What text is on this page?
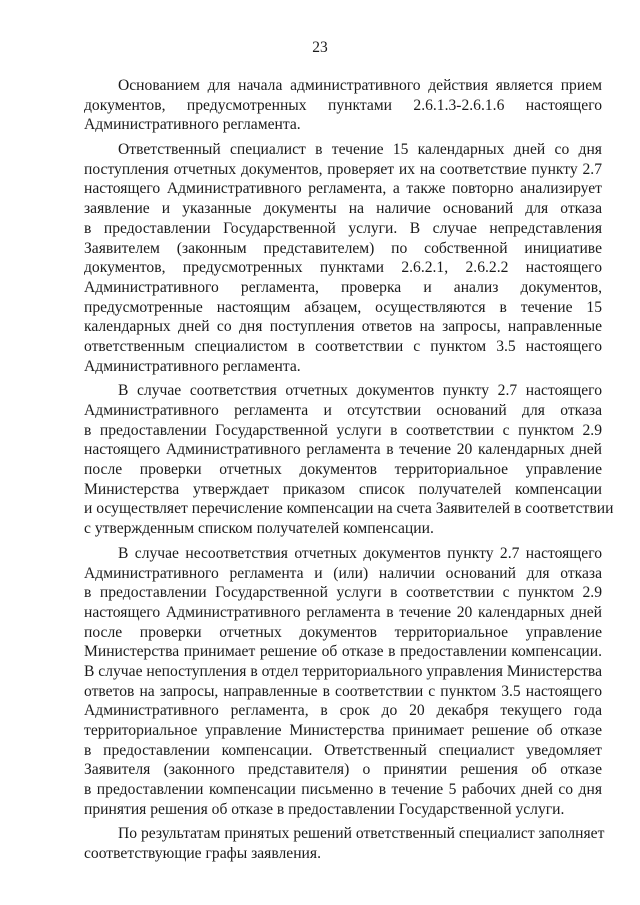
23
Основанием для начала административного действия является прием
документов, предусмотренных пунктами 2.6.1.3-2.6.1.6 настоящего
Административного регламента.
Ответственный специалист в течение 15 календарных дней со дня
поступления отчетных документов, проверяет их на соответствие пункту 2.7
настоящего Административного регламента, а также повторно анализирует
заявление и указанные документы на наличие оснований для отказа
в предоставлении Государственной услуги. В случае непредставления
Заявителем (законным представителем) по собственной инициативе
документов, предусмотренных пунктами 2.6.2.1, 2.6.2.2 настоящего
Административного регламента, проверка и анализ документов,
предусмотренные настоящим абзацем, осуществляются в течение 15
календарных дней со дня поступления ответов на запросы, направленные
ответственным специалистом в соответствии с пунктом 3.5 настоящего
Административного регламента.
В случае соответствия отчетных документов пункту 2.7 настоящего
Административного регламента и отсутствии оснований для отказа
в предоставлении Государственной услуги в соответствии с пунктом 2.9
настоящего Административного регламента в течение 20 календарных дней
после проверки отчетных документов территориальное управление
Министерства утверждает приказом список получателей компенсации
и осуществляет перечисление компенсации на счета Заявителей в соответствии
с утвержденным списком получателей компенсации.
В случае несоответствия отчетных документов пункту 2.7 настоящего
Административного регламента и (или) наличии оснований для отказа
в предоставлении Государственной услуги в соответствии с пунктом 2.9
настоящего Административного регламента в течение 20 календарных дней
после проверки отчетных документов территориальное управление
Министерства принимает решение об отказе в предоставлении компенсации.
В случае непоступления в отдел территориального управления Министерства
ответов на запросы, направленные в соответствии с пунктом 3.5 настоящего
Административного регламента, в срок до 20 декабря текущего года
территориальное управление Министерства принимает решение об отказе
в предоставлении компенсации. Ответственный специалист уведомляет
Заявителя (законного представителя) о принятии решения об отказе
в предоставлении компенсации письменно в течение 5 рабочих дней со дня
принятия решения об отказе в предоставлении Государственной услуги.
По результатам принятых решений ответственный специалист заполняет
соответствующие графы заявления.
